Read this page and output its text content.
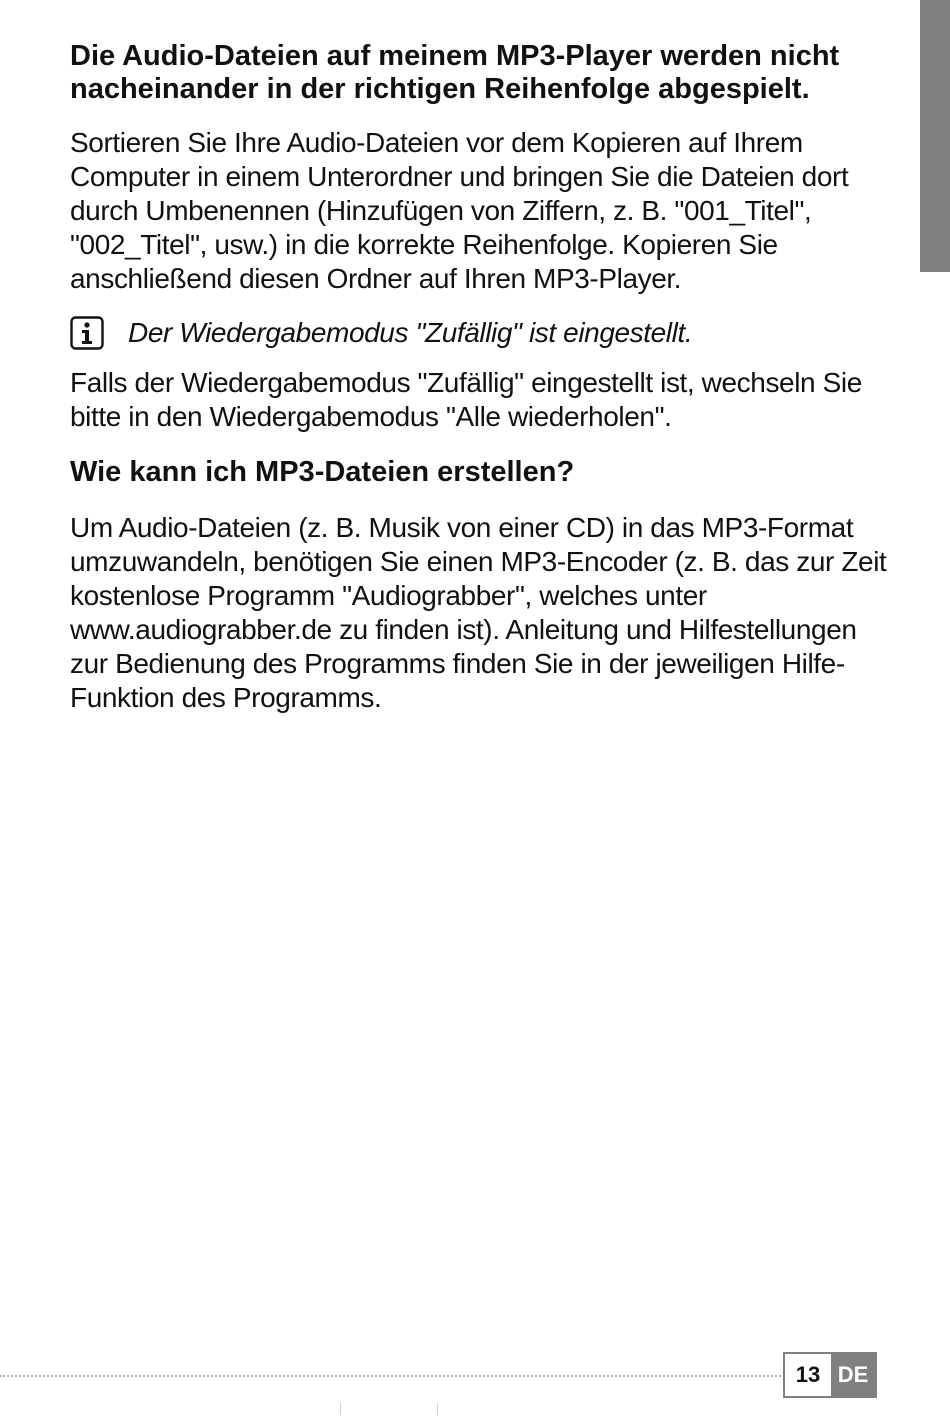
Die Audio-Dateien auf meinem MP3-Player werden nicht nacheinander in der richtigen Reihenfolge abgespielt.

Sortieren Sie Ihre Audio-Dateien vor dem Kopieren auf Ihrem Computer in einem Unterordner und bringen Sie die Dateien dort durch Umbenennen (Hinzufügen von Ziffern, z. B. "001_Titel", "002_Titel", usw.) in die korrekte Reihenfolge. Kopieren Sie anschließend diesen Ordner auf Ihren MP3-Player.

Der Wiedergabemodus "Zufällig" ist eingestellt.

Falls der Wiedergabemodus "Zufällig" eingestellt ist, wechseln Sie bitte in den Wiedergabemodus "Alle wiederholen".

Wie kann ich MP3-Dateien erstellen?

Um Audio-Dateien (z. B. Musik von einer CD) in das MP3-Format umzuwandeln, benötigen Sie einen MP3-Encoder (z. B. das zur Zeit kostenlose Programm "Audiograbber", welches unter www.audiograbber.de zu finden ist). Anleitung und Hilfestellungen zur Bedienung des Programms finden Sie in der jeweiligen Hilfe-Funktion des Programms.

13 DE
